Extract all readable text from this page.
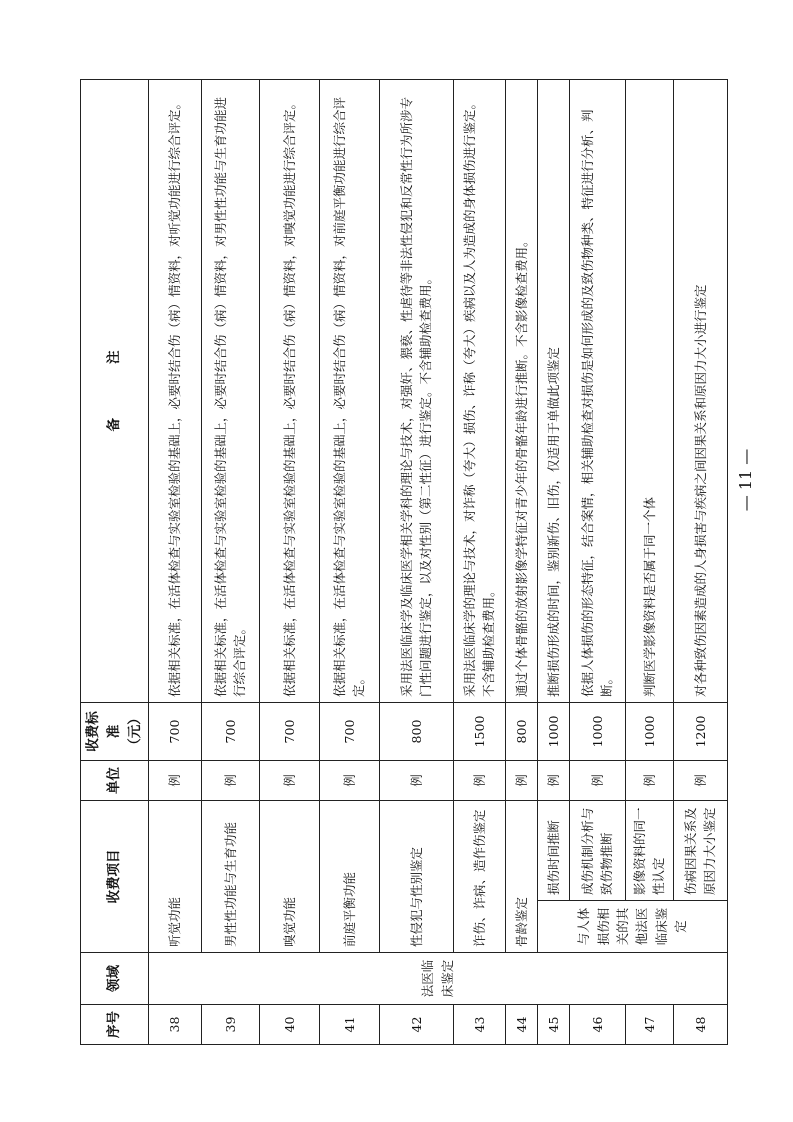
序号	领域	收费项目		单位	收费标准（元）	备　　　　注
38	法医临床鉴定	听觉功能		例	700	依据相关标准，在活体检查与实验室检验的基础上，必要时结合伤（病）情资料，对听觉功能进行综合评定。
39		男性性功能与生育功能		例	700	依据相关标准，在活体检查与实验室检验的基础上，必要时结合伤（病）情资料，对男性性功能与生育功能进行综合评定。
40		嗅觉功能		例	700	依据相关标准，在活体检查与实验室检验的基础上，必要时结合伤（病）情资料，对嗅觉功能进行综合评定。
41		前庭平衡功能		例	700	依据相关标准，在活体检查与实验室检验的基础上，必要时结合伤（病）情资料，对前庭平衡功能进行综合评定。
42		性侵犯与性别鉴定		例	800	采用法医临床学及临床医学相关学科的理论与技术，对强奸、猥亵、性虐待等非法性侵犯和反常性行为所涉专门性问题进行鉴定，以及对性别（第二性征）进行鉴定。不含辅助检查费用。
43		诈伤、诈病、造作伤鉴定		例	1500	采用法医临床学的理论与技术，对诈称（夸大）损伤、诈称（夸大）疾病以及人为造成的身体损伤进行鉴定。不含辅助检查费用。
44		骨龄鉴定		例	800	通过个体骨骼的放射影像学特征对青少年的骨骼年龄进行推断。不含影像检查费用。
45		与人体损伤相关的其他法医临床鉴定	损伤时间推断	例	1000	推断损伤形成的时间，鉴别新伤、旧伤，仅适用于单做此项鉴定
46			成伤机制分析与致伤物推断	例	1000	依据人体损伤的形态特征，结合案情，相关辅助检查对损伤是如何形成的及致伤物种类、特征进行分析、判断。
47			影像资料的同一性认定	例	1000	判断医学影像资料是否属于同一个体
48			伤病因果关系及原因力大小鉴定	例	1200	对各种致伤因素造成的人身损害与疾病之间因果关系和原因力大小进行鉴定 — 11 —
